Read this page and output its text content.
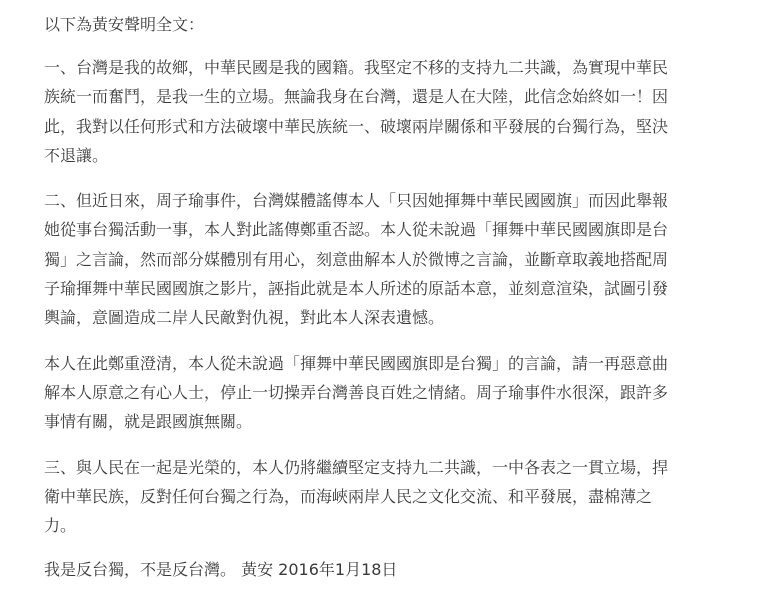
以下為黃安聲明全文：

一、台灣是我的故鄉，中華民國是我的國籍。我堅定不移的支持九二共識，為實現中華民
族統一而奮鬥，是我一生的立場。無論我身在台灣，還是人在大陸，此信念始終如一！因
此，我對以任何形式和方法破壞中華民族統一、破壞兩岸關係和平發展的台獨行為，堅決
不退讓。
二、但近日來，周子瑜事件，台灣媒體謠傳本人「只因她揮舞中華民國國旗」而因此舉報
她從事台獨活動一事，本人對此謠傳鄭重否認。本人從未說過「揮舞中華民國國旗即是台
獨」之言論，然而部分媒體別有用心，刻意曲解本人於微博之言論，並斷章取義地搭配周
子瑜揮舞中華民國國旗之影片，誣指此就是本人所述的原話本意，並刻意渲染，試圖引發
輿論，意圖造成二岸人民敵對仇視，對此本人深表遺憾。
本人在此鄭重澄清，本人從未說過「揮舞中華民國國旗即是台獨」的言論，請一再惡意曲
解本人原意之有心人士，停止一切操弄台灣善良百姓之情緒。周子瑜事件水很深，跟許多
事情有關，就是跟國旗無關。
三、與人民在一起是光榮的，本人仍將繼續堅定支持九二共識，一中各表之一貫立場，捍
衛中華民族，反對任何台獨之行為，而海峽兩岸人民之文化交流、和平發展，盡棉薄之
力。

我是反台獨，不是反台灣。 黃安 2016年1月18日
